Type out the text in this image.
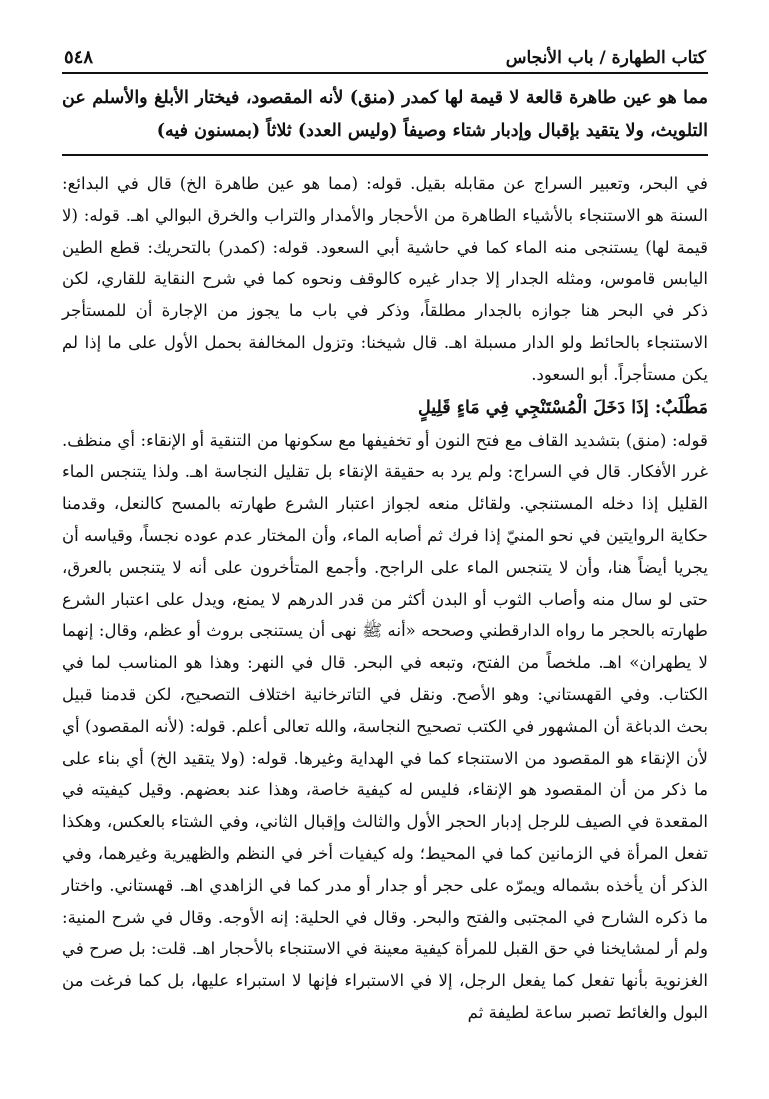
كتاب الطهارة / باب الأنجاس
٥٤٨
مما هو عين طاهرة قالعة لا قيمة لها كمدر (منق) لأنه المقصود، فيختار الأبلغ والأسلم عن التلويث، ولا يتقيد بإقبال وإدبار شتاء وصيفاً (وليس العدد) ثلاثاً (بمسنون فيه)

في البحر، وتعبير السراج عن مقابله بقيل. قوله: (مما هو عين طاهرة الخ) قال في البدائع: السنة هو الاستنجاء بالأشياء الطاهرة من الأحجار والأمدار والتراب والخرق البوالي اهـ. قوله: (لا قيمة لها) يستنجى منه الماء كما في حاشية أبي السعود. قوله: (كمدر) بالتحريك: قطع الطين اليابس قاموس، ومثله الجدار إلا جدار غيره كالوقف ونحوه كما في شرح النقاية للقاري، لكن ذكر في البحر هنا جوازه بالجدار مطلقاً، وذكر في باب ما يجوز من الإجارة أن للمستأجر الاستنجاء بالحائط ولو الدار مسبلة اهـ. قال شيخنا: وتزول المخالفة بحمل الأول على ما إذا لم يكن مستأجراً. أبو السعود.

مَطْلَبٌ: إذَا دَخَلَ الْمُسْتَنْجِي فِي مَاءٍ قَلِيلٍ

قوله: (منق) بتشديد القاف مع فتح النون أو تخفيفها مع سكونها من التنقية أو الإنقاء: أي منظف. غرر الأفكار. قال في السراج: ولم يرد به حقيقة الإنقاء بل تقليل النجاسة اهـ. ولذا يتنجس الماء القليل إذا دخله المستنجي. ولقائل منعه لجواز اعتبار الشرع طهارته بالمسح كالنعل، وقدمنا حكاية الروايتين في نحو المنيّ إذا فرك ثم أصابه الماء، وأن المختار عدم عوده نجساً، وقياسه أن يجريا أيضاً هنا، وأن لا يتنجس الماء على الراجح. وأجمع المتأخرون على أنه لا يتنجس بالعرق، حتى لو سال منه وأصاب الثوب أو البدن أكثر من قدر الدرهم لا يمنع، ويدل على اعتبار الشرع طهارته بالحجر ما رواه الدارقطني وصححه «أنه ﷺ نهى أن يستنجى بروث أو عظم، وقال: إنهما لا يطهران» اهـ. ملخصاً من الفتح، وتبعه في البحر. قال في النهر: وهذا هو المناسب لما في الكتاب. وفي القهستاني: وهو الأصح. ونقل في التاترخانية اختلاف التصحيح، لكن قدمنا قبيل بحث الدباغة أن المشهور في الكتب تصحيح النجاسة، والله تعالى أعلم. قوله: (لأنه المقصود) أي لأن الإنقاء هو المقصود من الاستنجاء كما في الهداية وغيرها. قوله: (ولا يتقيد الخ) أي بناء على ما ذكر من أن المقصود هو الإنقاء، فليس له كيفية خاصة، وهذا عند بعضهم. وقيل كيفيته في المقعدة في الصيف للرجل إدبار الحجر الأول والثالث وإقبال الثاني، وفي الشتاء بالعكس، وهكذا تفعل المرأة في الزمانين كما في المحيط؛ وله كيفيات أخر في النظم والظهيرية وغيرهما، وفي الذكر أن يأخذه بشماله ويمرّه على حجر أو جدار أو مدر كما في الزاهدي اهـ. قهستاني. واختار ما ذكره الشارح في المجتبى والفتح والبحر. وقال في الحلية: إنه الأوجه. وقال في شرح المنية: ولم أر لمشايخنا في حق القبل للمرأة كيفية معينة في الاستنجاء بالأحجار اهـ. قلت: بل صرح في الغزنوية بأنها تفعل كما يفعل الرجل، إلا في الاستبراء فإنها لا استبراء عليها، بل كما فرغت من البول والغائط تصبر ساعة لطيفة ثم
